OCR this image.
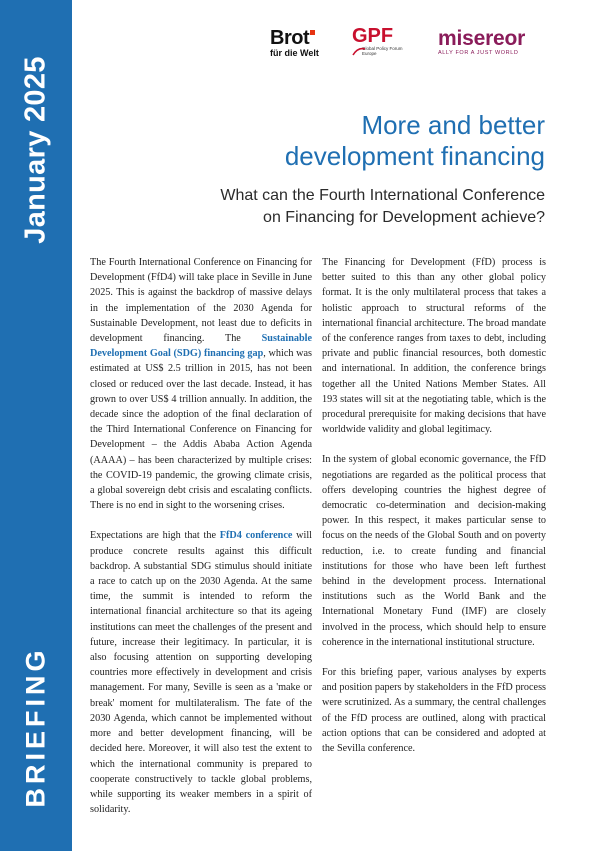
January 2025
BRIEFING
Brot
für die Welt
GPF
Global Policy Forum
Europe
misereor
ALLY FOR A JUST WORLD
More and better
development financing
What can the Fourth International Conference
on Financing for Development achieve?

The Fourth International Conference on Financing for Development (FfD4) will take place in Seville in June 2025. This is against the backdrop of massive delays in the implementation of the 2030 Agenda for Sustainable Development, not least due to deficits in development financing. The Sustainable Development Goal (SDG) financing gap, which was estimated at US$ 2.5 trillion in 2015, has not been closed or reduced over the last decade. Instead, it has grown to over US$ 4 trillion annually. In addition, the decade since the adoption of the final declaration of the Third International Conference on Financing for Development – the Addis Ababa Action Agenda (AAAA) – has been characterized by multiple crises: the COVID-19 pandemic, the growing climate crisis, a global sovereign debt crisis and escalating conflicts. There is no end in sight to the worsening crises.

Expectations are high that the FfD4 conference will produce concrete results against this difficult backdrop. A substantial SDG stimulus should initiate a race to catch up on the 2030 Agenda. At the same time, the summit is intended to reform the international financial architecture so that its ageing institutions can meet the challenges of the present and future, increase their legitimacy. In particular, it is also focusing attention on supporting developing countries more effectively in development and crisis management. For many, Seville is seen as a 'make or break' moment for multilateralism. The fate of the 2030 Agenda, which cannot be implemented without more and better development financing, will be decided here. Moreover, it will also test the extent to which the international community is prepared to cooperate constructively to tackle global problems, while supporting its weaker members in a spirit of solidarity.

The Financing for Development (FfD) process is better suited to this than any other global policy format. It is the only multilateral process that takes a holistic approach to structural reforms of the international financial architecture. The broad mandate of the conference ranges from taxes to debt, including private and public financial resources, both domestic and international. In addition, the conference brings together all the United Nations Member States. All 193 states will sit at the negotiating table, which is the procedural prerequisite for making decisions that have worldwide validity and global legitimacy.

In the system of global economic governance, the FfD negotiations are regarded as the political process that offers developing countries the highest degree of democratic co-determination and decision-making power. In this respect, it makes particular sense to focus on the needs of the Global South and on poverty reduction, i.e. to create funding and financial institutions for those who have been left furthest behind in the development process. International institutions such as the World Bank and the International Monetary Fund (IMF) are closely involved in the process, which should help to ensure coherence in the international institutional structure.

For this briefing paper, various analyses by experts and position papers by stakeholders in the FfD process were scrutinized. As a summary, the central challenges of the FfD process are outlined, along with practical action options that can be considered and adopted at the Sevilla conference.
